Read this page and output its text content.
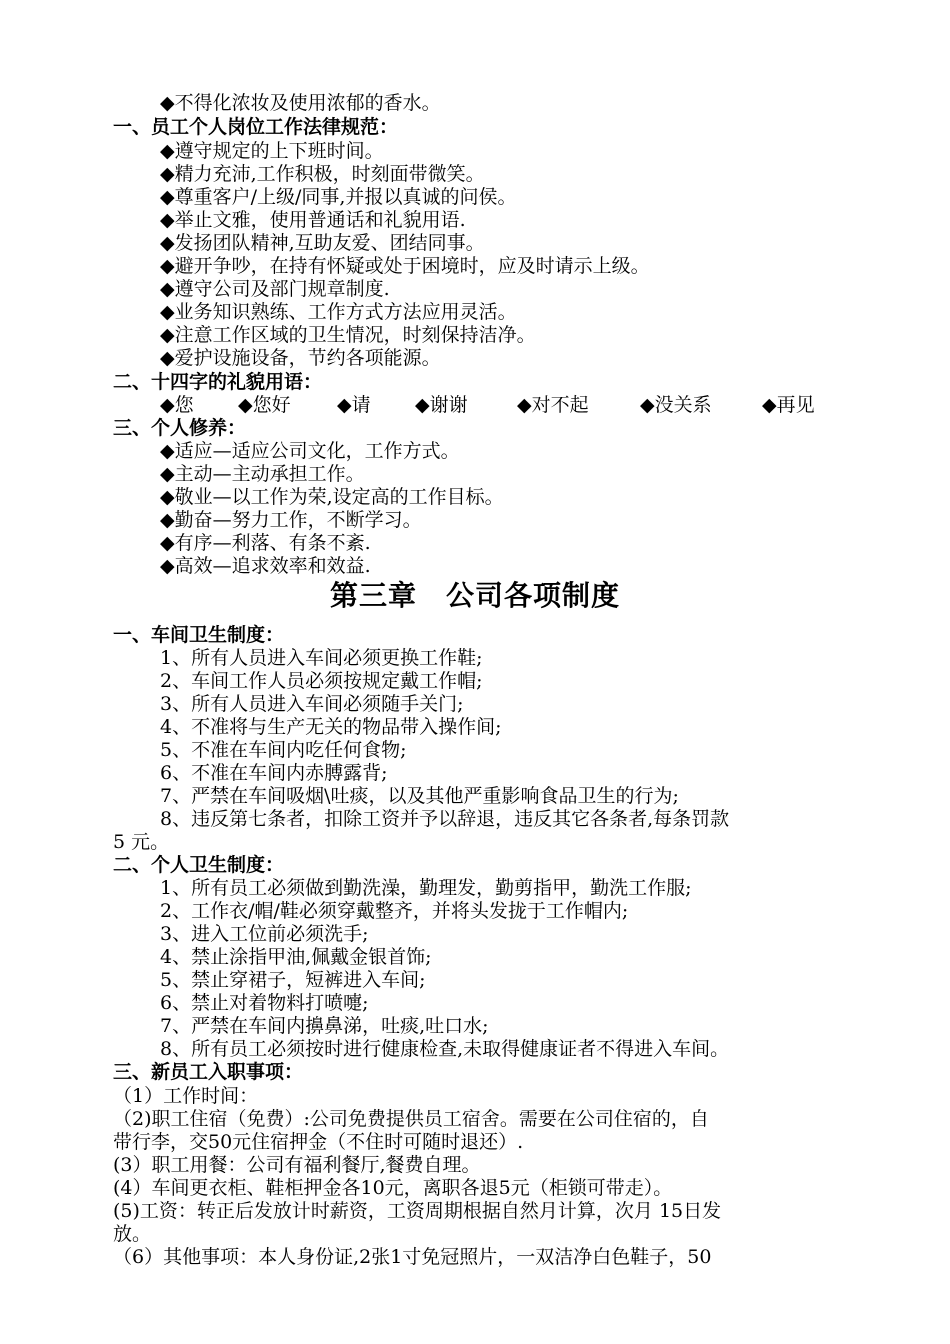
◆不得化浓妆及使用浓郁的香水。
一、员工个人岗位工作法律规范：
◆遵守规定的上下班时间。
◆精力充沛,工作积极，时刻面带微笑。
◆尊重客户/上级/同事,并报以真诚的问侯。
◆举止文雅，使用普通话和礼貌用语.
◆发扬团队精神,互助友爱、团结同事。
◆避开争吵，在持有怀疑或处于困境时，应及时请示上级。
◆遵守公司及部门规章制度.
◆业务知识熟练、工作方式方法应用灵活。
◆注意工作区域的卫生情况，时刻保持洁净。
◆爱护设施设备，节约各项能源。
二、十四字的礼貌用语：
◆您 ◆您好 ◆请 ◆谢谢	◆对不起	◆没关系	◆再见
三、个人修养：
◆适应—适应公司文化，工作方式。
◆主动—主动承担工作。
◆敬业—以工作为荣,设定高的工作目标。
◆勤奋—努力工作，不断学习。
◆有序—利落、有条不紊.
◆高效—追求效率和效益.
第三章　公司各项制度
一、车间卫生制度：
1、所有人员进入车间必须更换工作鞋;
2、车间工作人员必须按规定戴工作帽;
3、所有人员进入车间必须随手关门;
4、不准将与生产无关的物品带入操作间;
5、不准在车间内吃任何食物;
6、不准在车间内赤膊露背;
7、严禁在车间吸烟\吐痰，以及其他严重影响食品卫生的行为;
8、违反第七条者，扣除工资并予以辞退，违反其它各条者,每条罚款
5 元。
二、个人卫生制度：
1、所有员工必须做到勤洗澡，勤理发，勤剪指甲，勤洗工作服;
2、工作衣/帽/鞋必须穿戴整齐，并将头发拢于工作帽内;
3、进入工位前必须洗手;
4、禁止涂指甲油,佩戴金银首饰;
5、禁止穿裙子，短裤进入车间;
6、禁止对着物料打喷嚏;
7、严禁在车间内擤鼻涕，吐痰,吐口水;
8、所有员工必须按时进行健康检查,未取得健康证者不得进入车间。
三、新员工入职事项：
（1）工作时间：
（2)职工住宿（免费）:公司免费提供员工宿舍。需要在公司住宿的，自
带行李，交50元住宿押金（不住时可随时退还）.
(3）职工用餐：公司有福利餐厅,餐费自理。
(4）车间更衣柜、鞋柜押金各10元，离职各退5元（柜锁可带走）。
(5)工资：转正后发放计时薪资，工资周期根据自然月计算，次月 15日发
放。
（6）其他事项：本人身份证,2张1寸免冠照片，一双洁净白色鞋子，50
